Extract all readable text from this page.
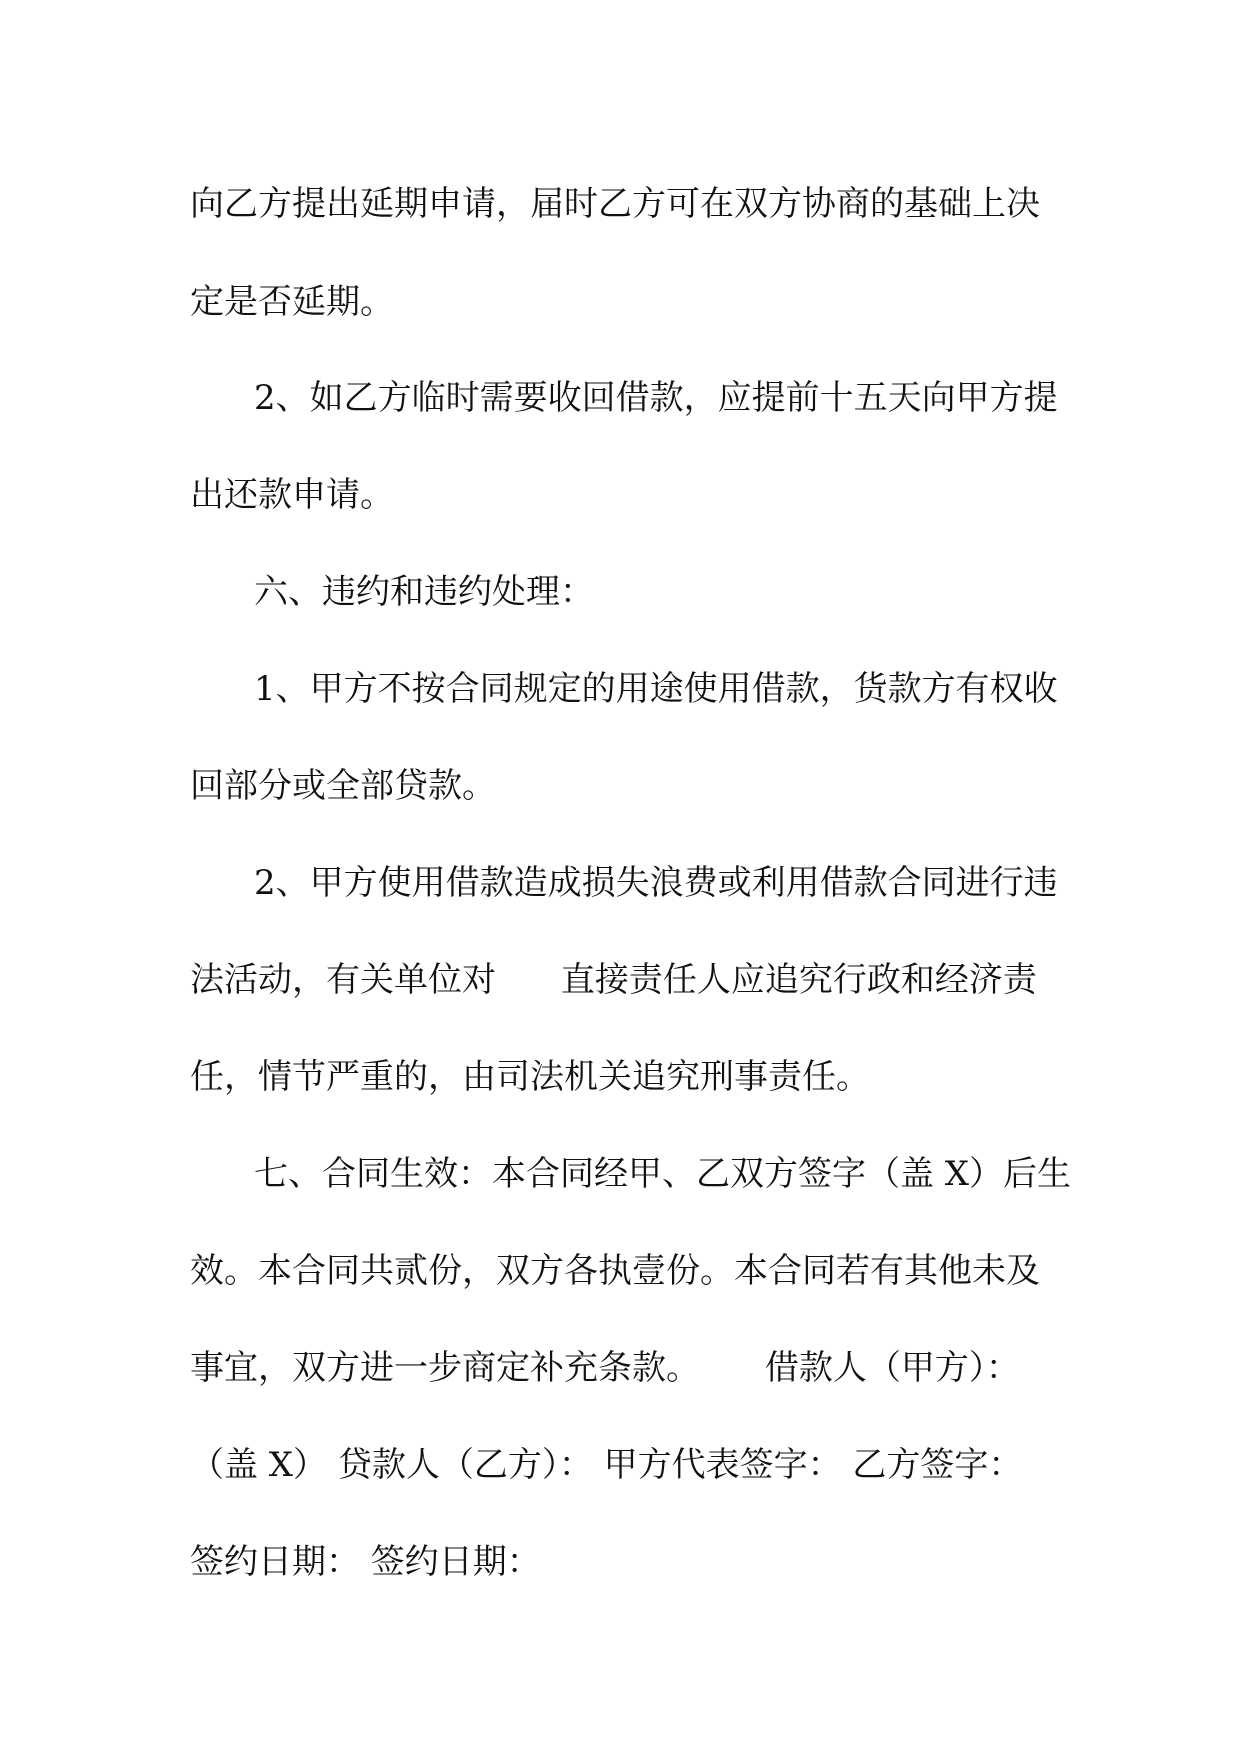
向乙方提出延期申请，届时乙方可在双方协商的基础上决
定是否延期。
2、如乙方临时需要收回借款，应提前十五天向甲方提
出还款申请。
六、违约和违约处理：
1、甲方不按合同规定的用途使用借款，货款方有权收
回部分或全部贷款。
2、甲方使用借款造成损失浪费或利用借款合同进行违
法活动，有关单位对      直接责任人应追究行政和经济责
任，情节严重的，由司法机关追究刑事责任。
七、合同生效：本合同经甲、乙双方签字（盖 X）后生
效。本合同共贰份，双方各执壹份。本合同若有其他未及
事宜，双方进一步商定补充条款。      借款人（甲方）：
（盖 X） 贷款人（乙方）： 甲方代表签字： 乙方签字：
签约日期： 签约日期：
